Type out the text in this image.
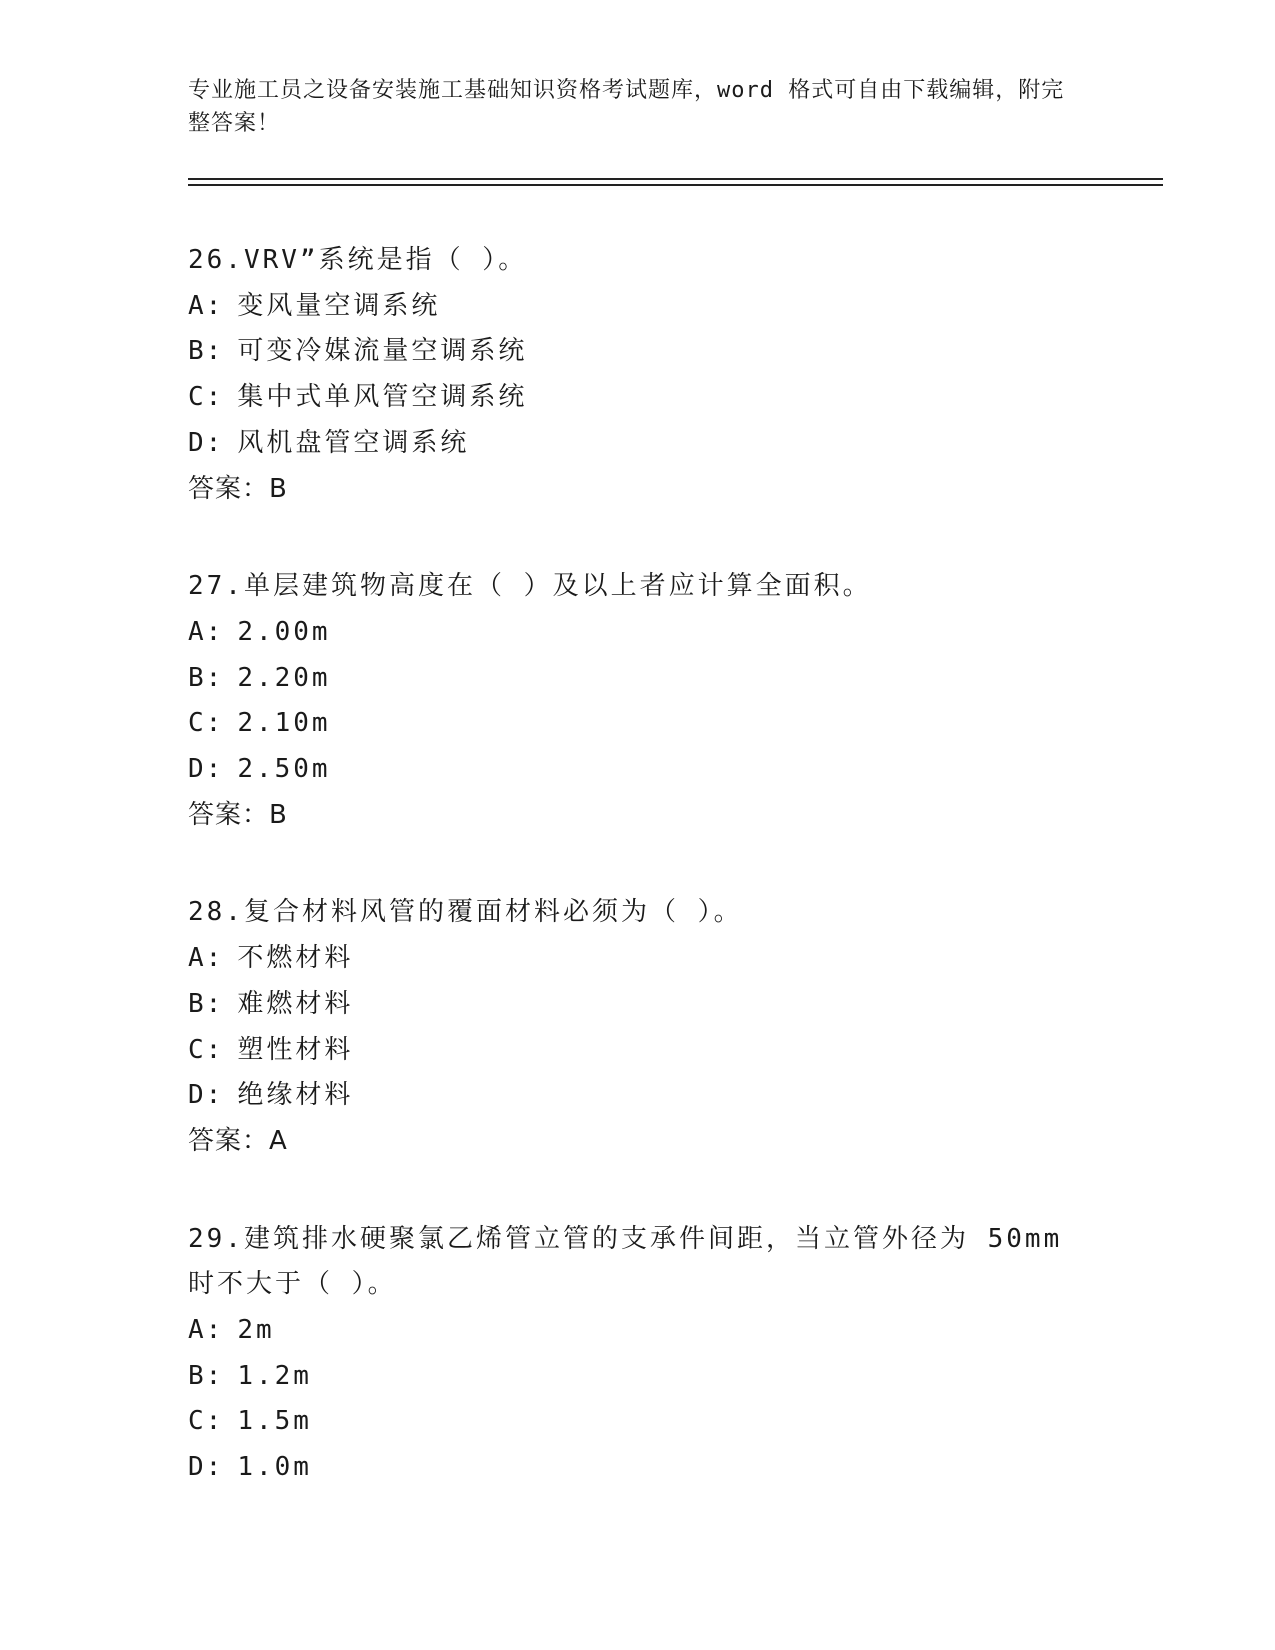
专业施工员之设备安装施工基础知识资格考试题库，word 格式可自由下载编辑，附完整答案！
26.VRV”系统是指（ ）。
A: 变风量空调系统
B: 可变冷媒流量空调系统
C: 集中式单风管空调系统
D: 风机盘管空调系统
答案：B
27.单层建筑物高度在（ ）及以上者应计算全面积。
A: 2.00m
B: 2.20m
C: 2.10m
D: 2.50m
答案：B
28.复合材料风管的覆面材料必须为（ ）。
A: 不燃材料
B: 难燃材料
C: 塑性材料
D: 绝缘材料
答案：A
29.建筑排水硬聚氯乙烯管立管的支承件间距，当立管外径为 50mm 时不大于（ ）。
A: 2m
B: 1.2m
C: 1.5m
D: 1.0m
